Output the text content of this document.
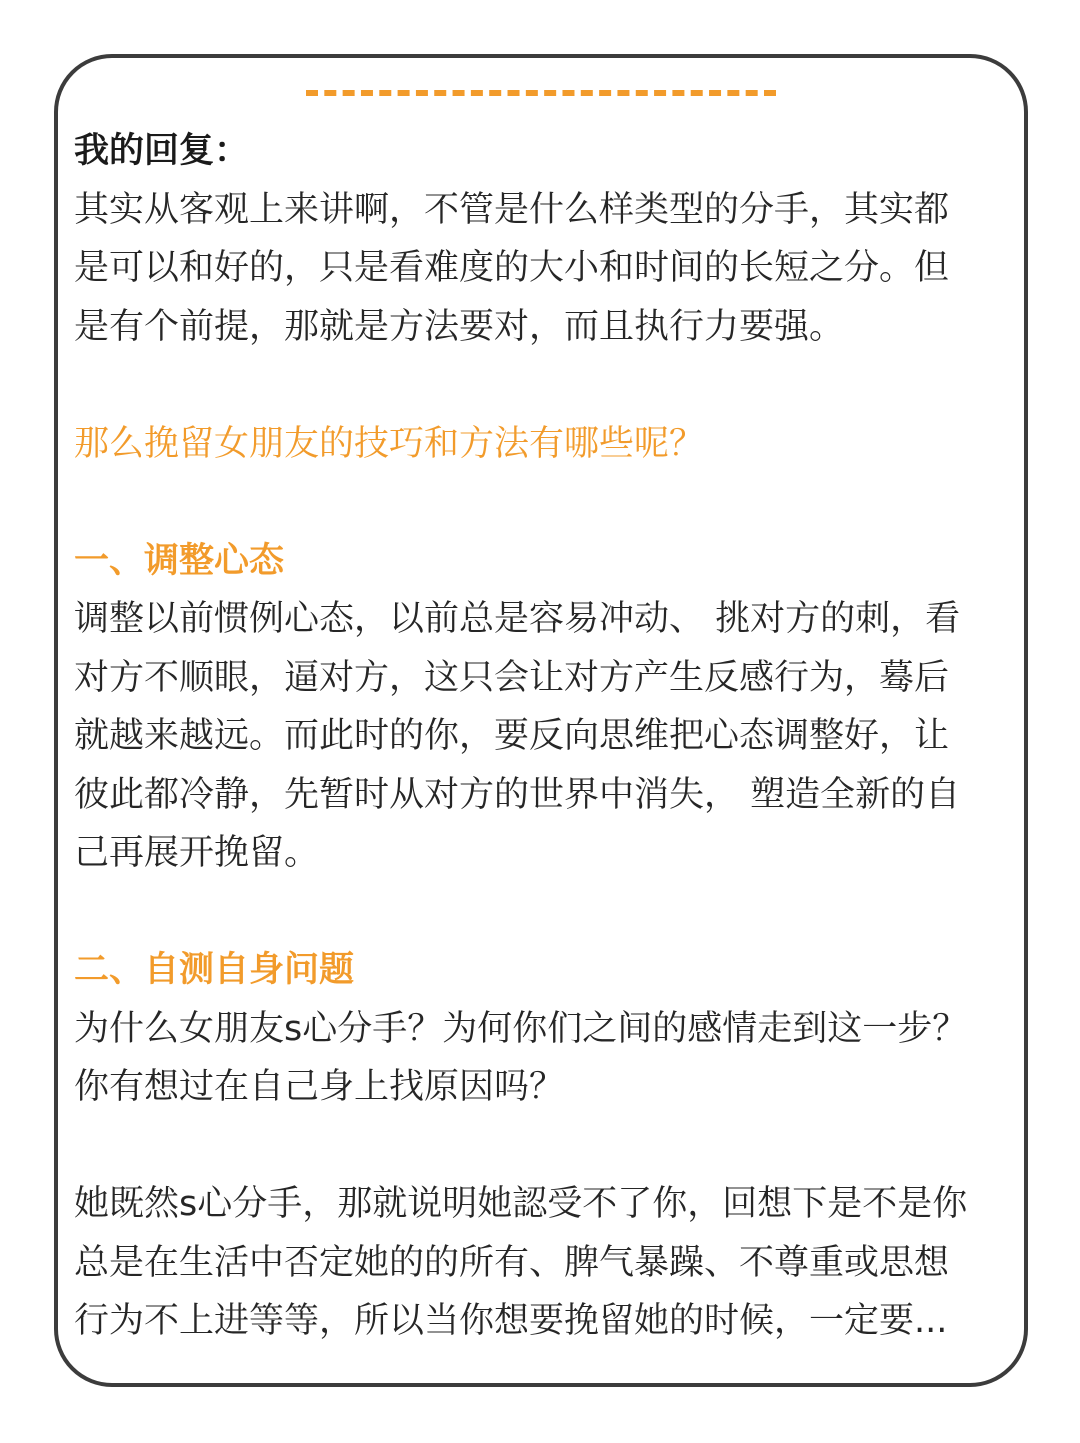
我的回复：

其实从客观上来讲啊，不管是什么样类型的分手，其实都
是可以和好的，只是看难度的大小和时间的长短之分。但
是有个前提，那就是方法要对，而且执行力要强。

那么挽留女朋友的技巧和方法有哪些呢？

一、调整心态

调整以前惯例心态，以前总是容易冲动、 挑对方的刺，看
对方不顺眼，逼对方，这只会让对方产生反感行为，蓦后
就越来越远。而此时的你，要反向思维把心态调整好，让
彼此都冷静，先暂时从对方的世界中消失， 塑造全新的自
己再展开挽留。

二、自测自身问题

为什么女朋友s心分手？为何你们之间的感情走到这一步？
你有想过在自己身上找原因吗？

她既然s心分手，那就说明她認受不了你，回想下是不是你
总是在生活中否定她的的所有、脾气暴躁、不尊重或思想
行为不上进等等，所以当你想要挽留她的时候，一定要...
